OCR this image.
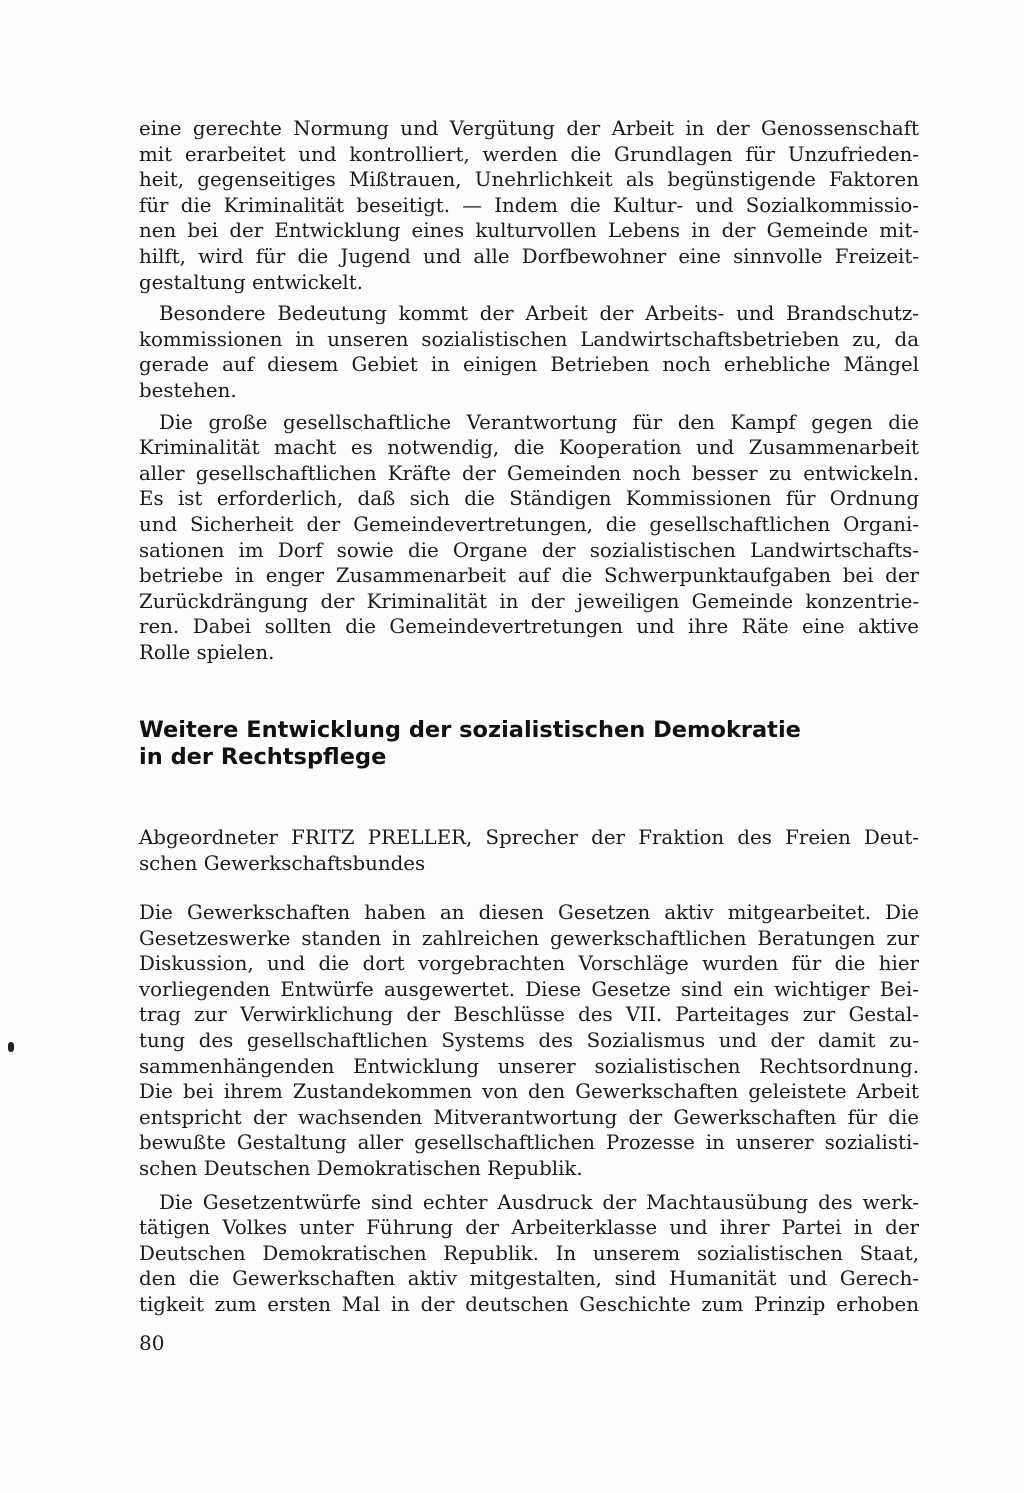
eine gerechte Normung und Vergütung der Arbeit in der Genossenschaft
mit erarbeitet und kontrolliert, werden die Grundlagen für Unzufrieden-
heit, gegenseitiges Mißtrauen, Unehrlichkeit als begünstigende Faktoren
für die Kriminalität beseitigt. — Indem die Kultur- und Sozialkommissio-
nen bei der Entwicklung eines kulturvollen Lebens in der Gemeinde mit-
hilft, wird für die Jugend und alle Dorfbewohner eine sinnvolle Freizeit-
gestaltung entwickelt.
Besondere Bedeutung kommt der Arbeit der Arbeits- und Brandschutz-
kommissionen in unseren sozialistischen Landwirtschaftsbetrieben zu, da
gerade auf diesem Gebiet in einigen Betrieben noch erhebliche Mängel
bestehen.
Die große gesellschaftliche Verantwortung für den Kampf gegen die
Kriminalität macht es notwendig, die Kooperation und Zusammenarbeit
aller gesellschaftlichen Kräfte der Gemeinden noch besser zu entwickeln.
Es ist erforderlich, daß sich die Ständigen Kommissionen für Ordnung
und Sicherheit der Gemeindevertretungen, die gesellschaftlichen Organi-
sationen im Dorf sowie die Organe der sozialistischen Landwirtschafts-
betriebe in enger Zusammenarbeit auf die Schwerpunktaufgaben bei der
Zurückdrängung der Kriminalität in der jeweiligen Gemeinde konzentrie-
ren. Dabei sollten die Gemeindevertretungen und ihre Räte eine aktive
Rolle spielen.
Weitere Entwicklung der sozialistischen Demokratie
in der Rechtspflege
Abgeordneter FRITZ PRELLER, Sprecher der Fraktion des Freien Deut-
schen Gewerkschaftsbundes
Die Gewerkschaften haben an diesen Gesetzen aktiv mitgearbeitet. Die
Gesetzeswerke standen in zahlreichen gewerkschaftlichen Beratungen zur
Diskussion, und die dort vorgebrachten Vorschläge wurden für die hier
vorliegenden Entwürfe ausgewertet. Diese Gesetze sind ein wichtiger Bei-
trag zur Verwirklichung der Beschlüsse des VII. Parteitages zur Gestal-
tung des gesellschaftlichen Systems des Sozialismus und der damit zu-
sammenhängenden Entwicklung unserer sozialistischen Rechtsordnung.
Die bei ihrem Zustandekommen von den Gewerkschaften geleistete Arbeit
entspricht der wachsenden Mitverantwortung der Gewerkschaften für die
bewußte Gestaltung aller gesellschaftlichen Prozesse in unserer sozialisti-
schen Deutschen Demokratischen Republik.
Die Gesetzentwürfe sind echter Ausdruck der Machtausübung des werk-
tätigen Volkes unter Führung der Arbeiterklasse und ihrer Partei in der
Deutschen Demokratischen Republik. In unserem sozialistischen Staat,
den die Gewerkschaften aktiv mitgestalten, sind Humanität und Gerech-
tigkeit zum ersten Mal in der deutschen Geschichte zum Prinzip erhoben
80
